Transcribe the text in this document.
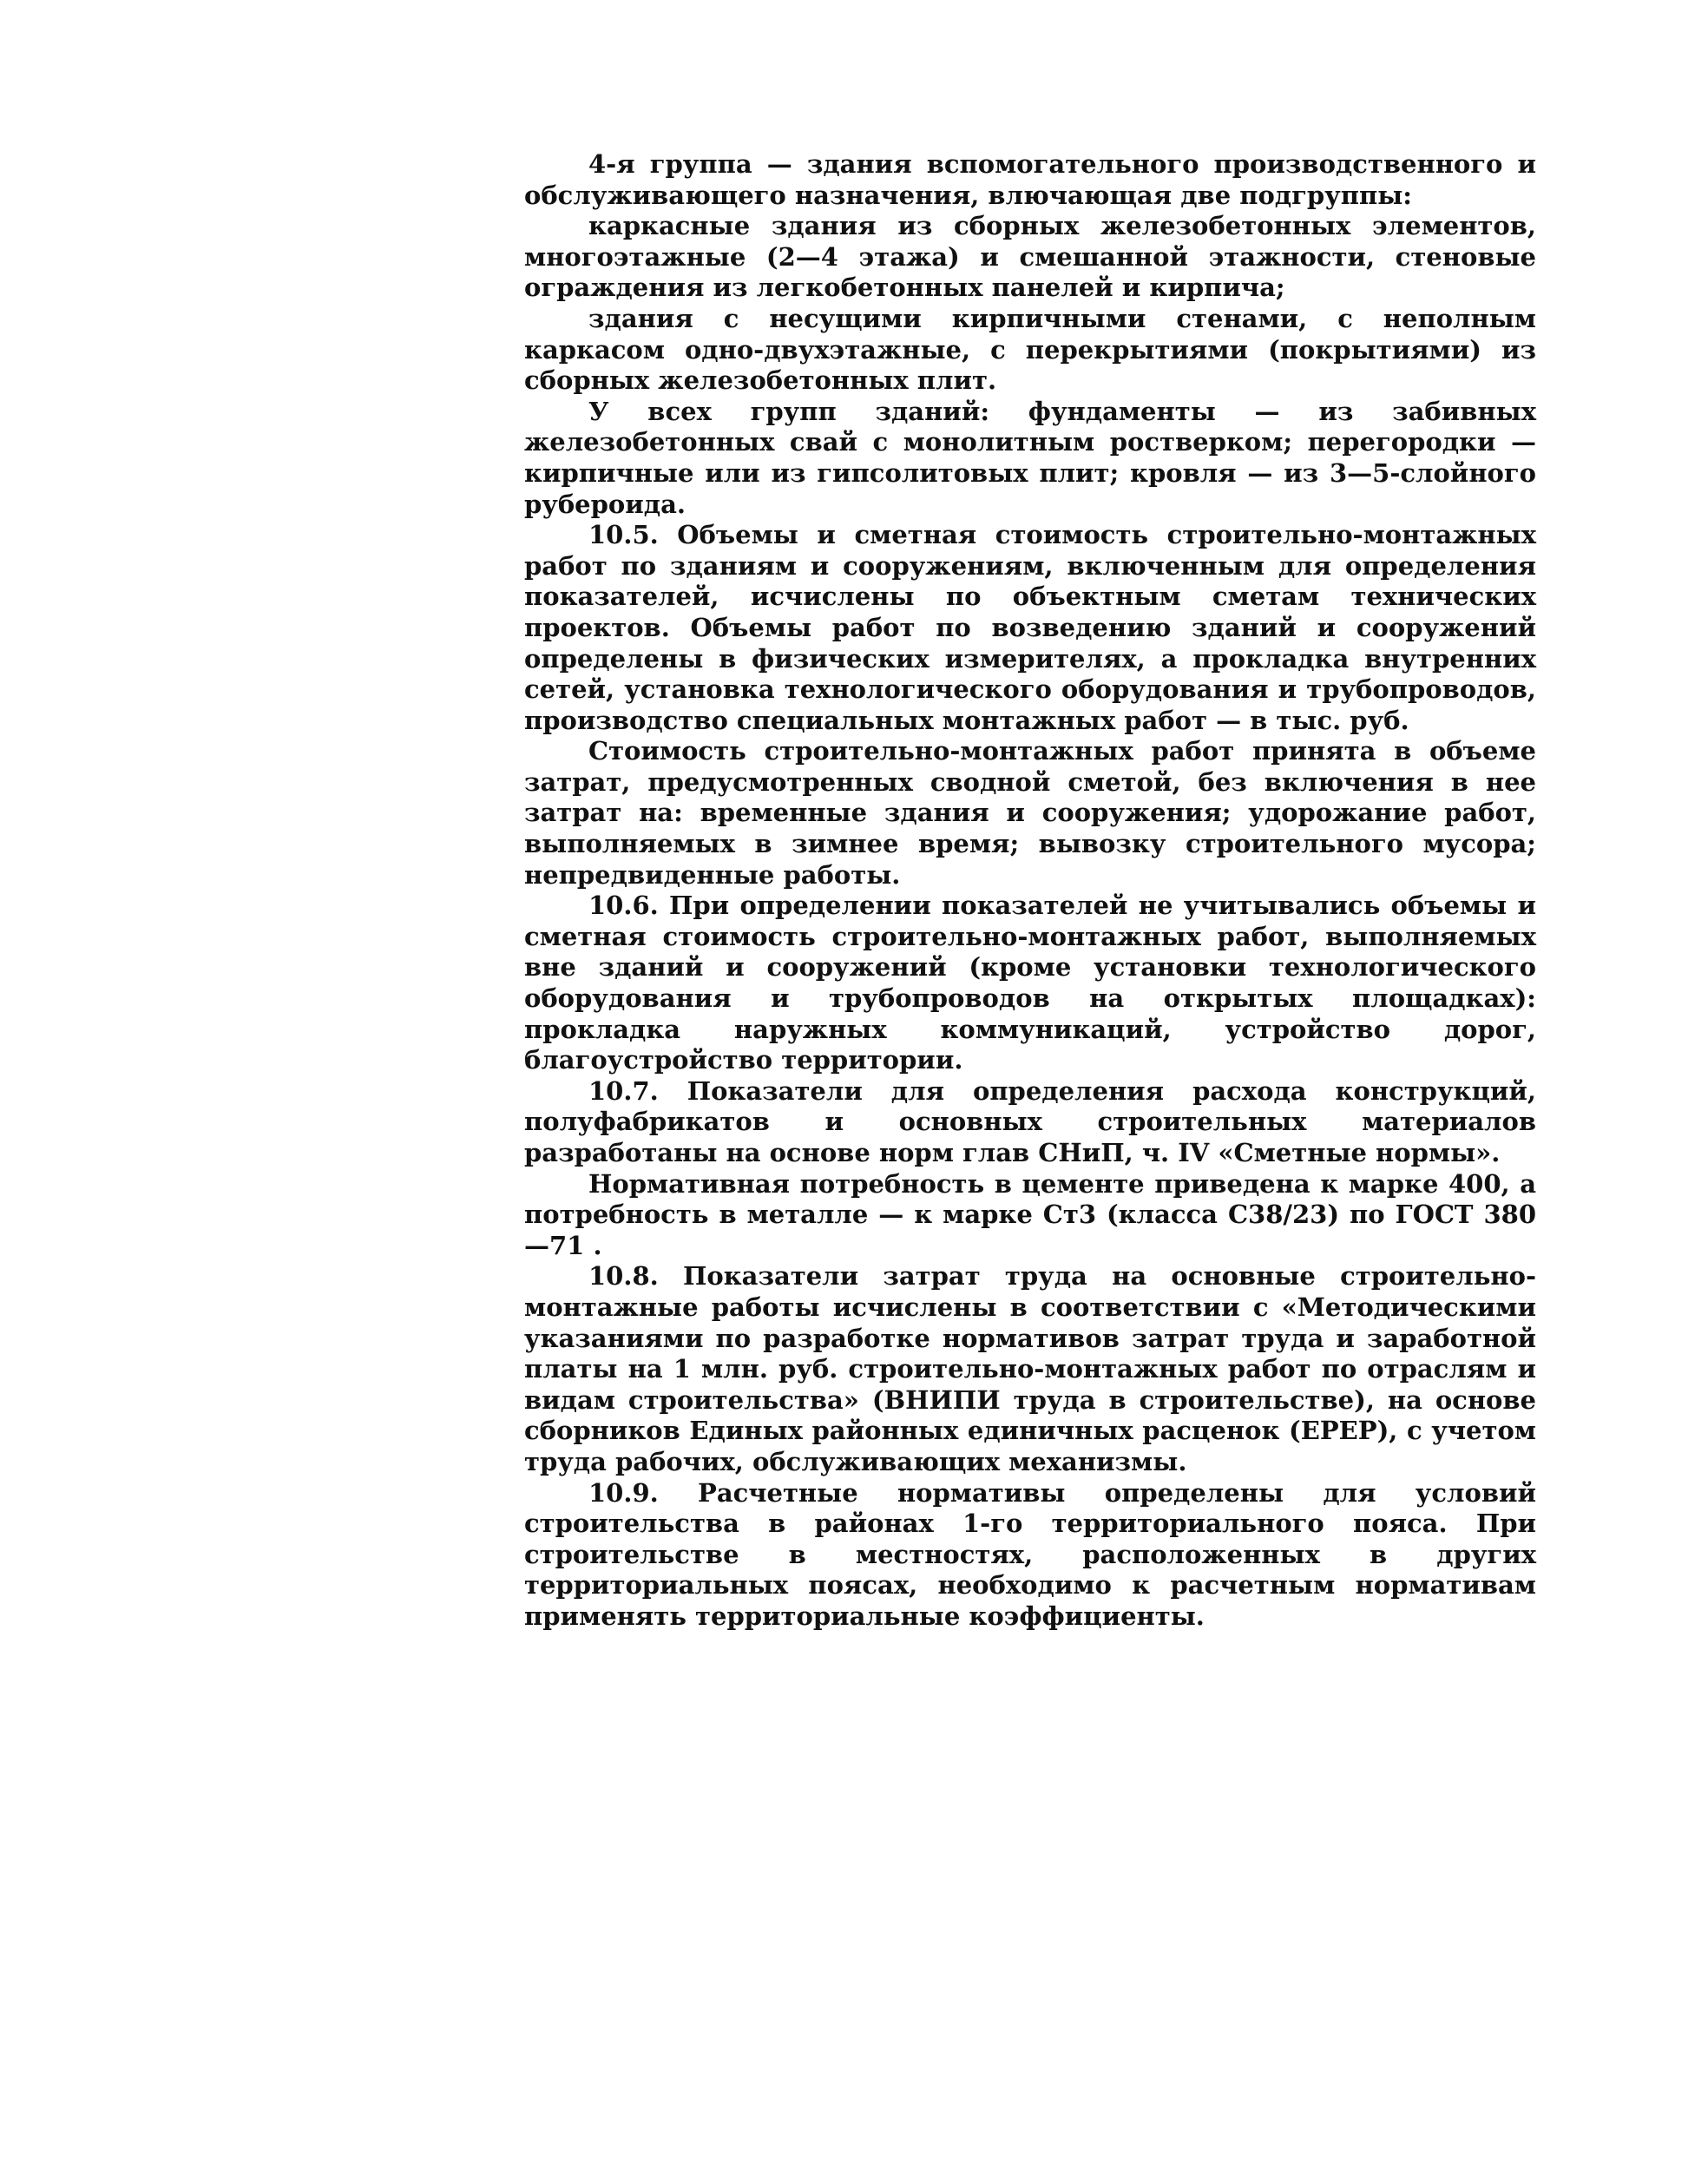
4-я группа — здания вспомогательного производственного и обслуживающего назначения, влючающая две подгруппы:

каркасные здания из сборных железобетонных элементов, многоэтажные (2—4 этажа) и смешанной этажности, стеновые ограждения из легкобетонных панелей и кирпича;

здания с несущими кирпичными стенами, с неполным каркасом одно-двухэтажные, с перекрытиями (покрытиями) из сборных железобетонных плит.

У всех групп зданий: фундаменты — из забивных железобетонных свай с монолитным ростверком; перегородки — кирпичные или из гипсолитовых плит; кровля — из 3—5-слойного рубероида.

10.5. Объемы и сметная стоимость строительно-монтажных работ по зданиям и сооружениям, включенным для определения показателей, исчислены по объектным сметам технических проектов. Объемы работ по возведению зданий и сооружений определены в физических измерителях, а прокладка внутренних сетей, установка технологического оборудования и трубопроводов, производство специальных монтажных работ — в тыс. руб.

Стоимость строительно-монтажных работ принята в объеме затрат, предусмотренных сводной сметой, без включения в нее затрат на: временные здания и сооружения; удорожание работ, выполняемых в зимнее время; вывозку строительного мусора; непредвиденные работы.

10.6. При определении показателей не учитывались объемы и сметная стоимость строительно-монтажных работ, выполняемых вне зданий и сооружений (кроме установки технологического оборудования и трубопроводов на открытых площадках): прокладка наружных коммуникаций, устройство дорог, благоустройство территории.

10.7. Показатели для определения расхода конструкций, полуфабрикатов и основных строительных материалов разработаны на основе норм глав СНиП, ч. IV «Сметные нормы».

Нормативная потребность в цементе приведена к марке 400, а потребность в металле — к марке Ст3 (класса С38/23) по ГОСТ 380—71 .

10.8. Показатели затрат труда на основные строительно-монтажные работы исчислены в соответствии с «Методическими указаниями по разработке нормативов затрат труда и заработной платы на 1 млн. руб. строительно-монтажных работ по отраслям и видам строительства» (ВНИПИ труда в строительстве), на основе сборников Единых районных единичных расценок (ЕРЕР), с учетом труда рабочих, обслуживающих механизмы.

10.9. Расчетные нормативы определены для условий строительства в районах 1-го территориального пояса. При строительстве в местностях, расположенных в других территориальных поясах, необходимо к расчетным нормативам применять территориальные коэффициенты.
